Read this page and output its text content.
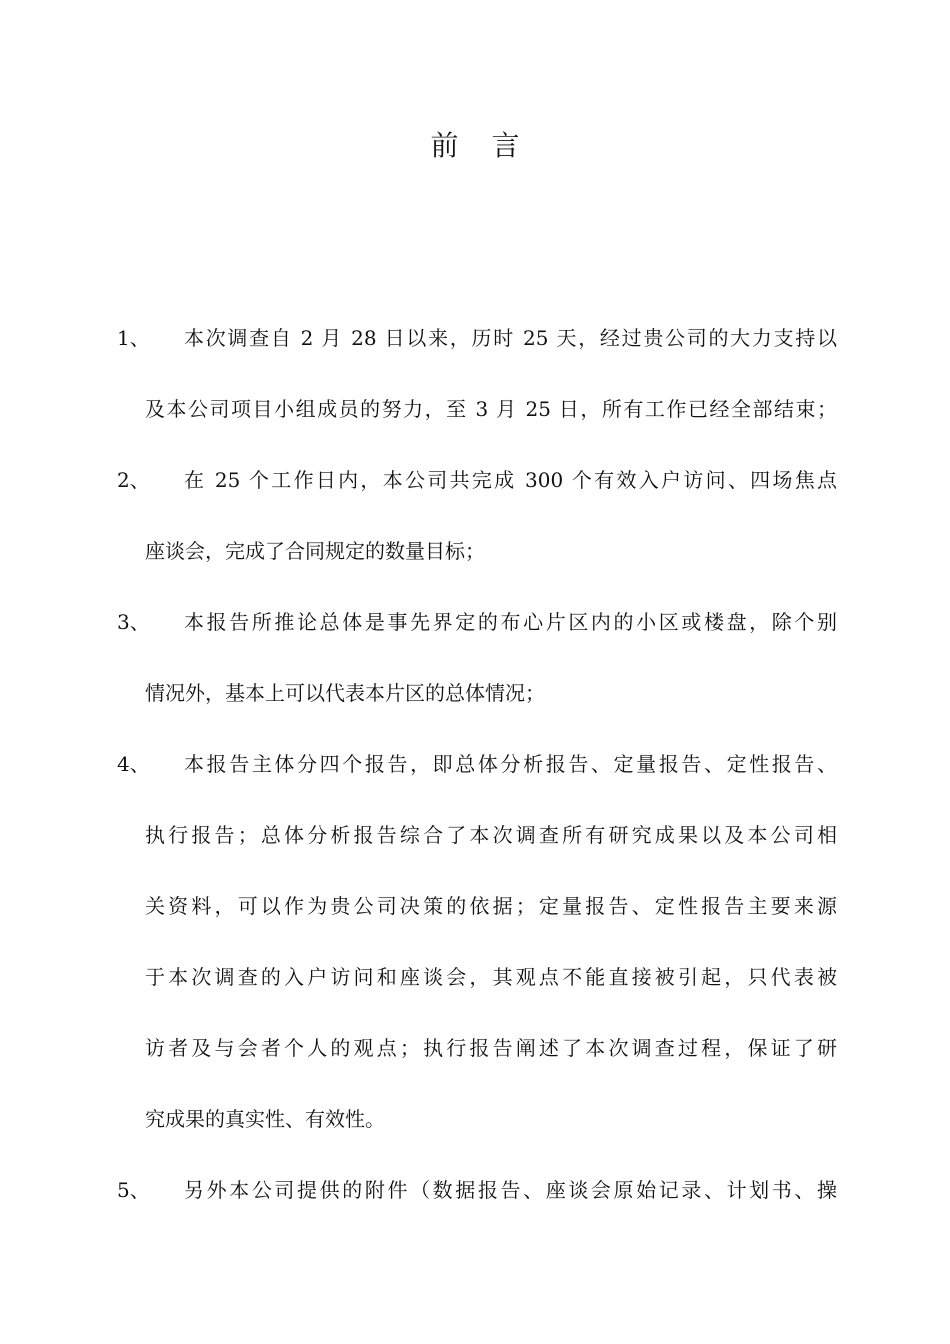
前 言
1、	本次调查自 2 月 28 日以来，历时 25 天，经过贵公司的大力支持以
及本公司项目小组成员的努力，至 3 月 25 日，所有工作已经全部结束；
2、	在 25 个工作日内，本公司共完成 300 个有效入户访问、四场焦点
座谈会，完成了合同规定的数量目标；
3、	本报告所推论总体是事先界定的布心片区内的小区或楼盘，除个别
情况外，基本上可以代表本片区的总体情况；
4、	本报告主体分四个报告，即总体分析报告、定量报告、定性报告、
执行报告；总体分析报告综合了本次调查所有研究成果以及本公司相
关资料，可以作为贵公司决策的依据；定量报告、定性报告主要来源
于本次调查的入户访问和座谈会，其观点不能直接被引起，只代表被
访者及与会者个人的观点；执行报告阐述了本次调查过程，保证了研
究成果的真实性、有效性。
5、	另外本公司提供的附件（数据报告、座谈会原始记录、计划书、操
